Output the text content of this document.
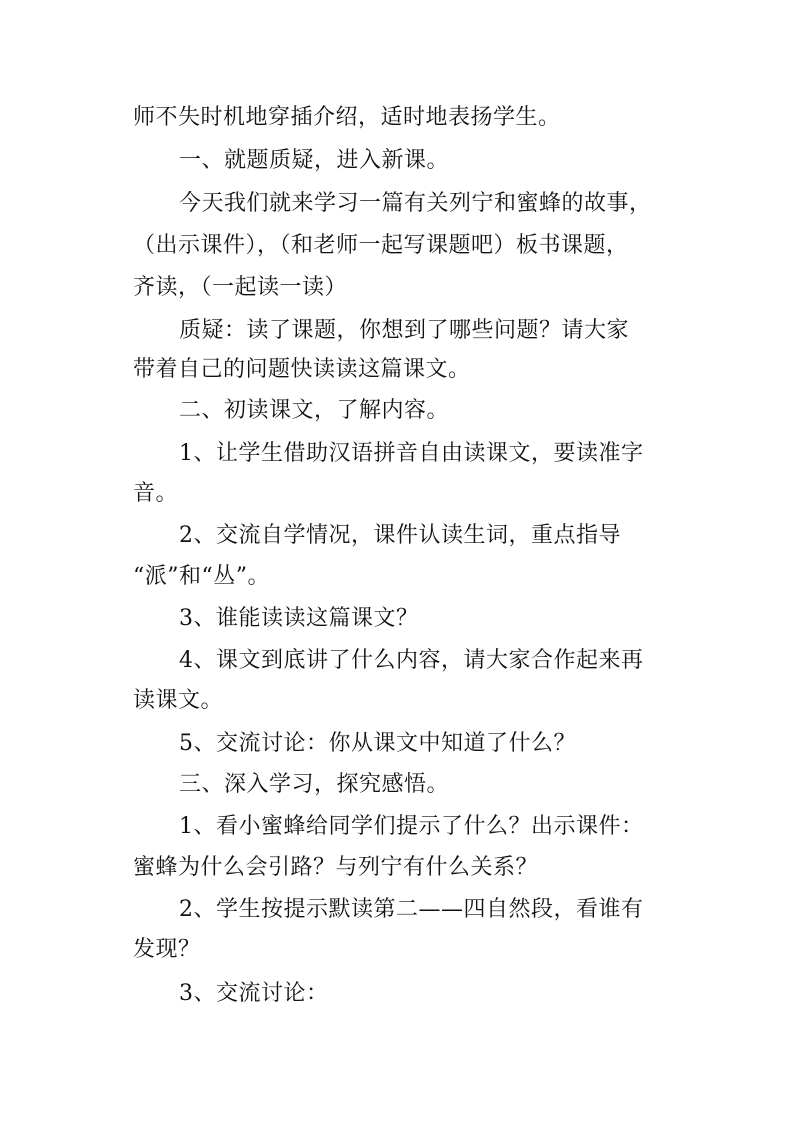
师不失时机地穿插介绍，适时地表扬学生。
一、就题质疑，进入新课。
今天我们就来学习一篇有关列宁和蜜蜂的故事，
（出示课件），（和老师一起写课题吧）板书课题，
齐读，（一起读一读）
质疑：读了课题，你想到了哪些问题？请大家
带着自己的问题快读读这篇课文。
二、初读课文，了解内容。
1、让学生借助汉语拼音自由读课文，要读准字
音。
2、交流自学情况，课件认读生词，重点指导
“派”和“丛”。
3、谁能读读这篇课文？
4、课文到底讲了什么内容，请大家合作起来再
读课文。
5、交流讨论：你从课文中知道了什么？
三、深入学习，探究感悟。
1、看小蜜蜂给同学们提示了什么？出示课件：
蜜蜂为什么会引路？与列宁有什么关系？
2、学生按提示默读第二——四自然段，看谁有
发现？
3、交流讨论：
